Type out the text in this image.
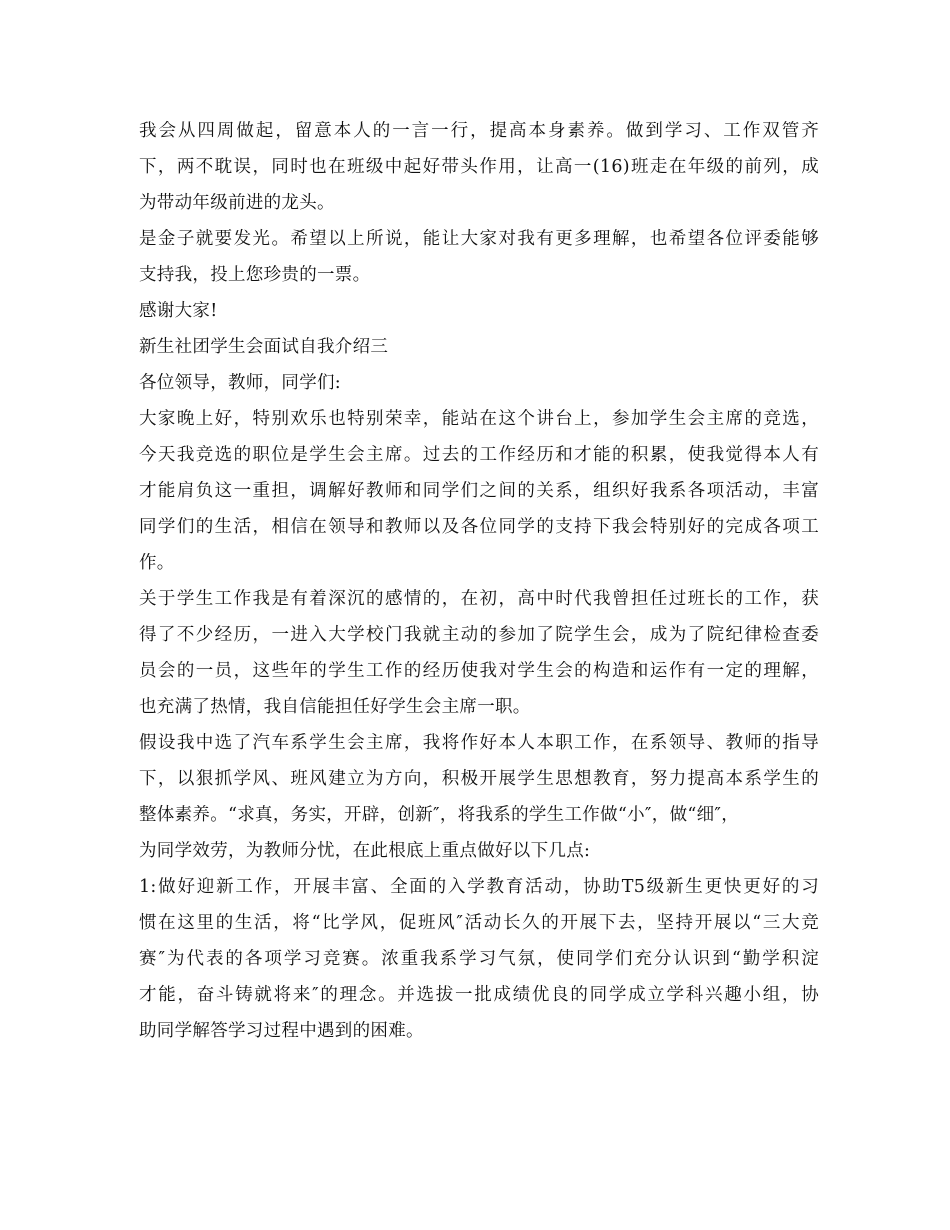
我会从四周做起，留意本人的一言一行，提高本身素养。做到学习、工作双管齐
下，两不耽误，同时也在班级中起好带头作用，让高一(16)班走在年级的前列，成
为带动年级前进的龙头。
是金子就要发光。希望以上所说，能让大家对我有更多理解，也希望各位评委能够
支持我，投上您珍贵的一票。
感谢大家!
新生社团学生会面试自我介绍三
各位领导，教师，同学们:
大家晚上好，特别欢乐也特别荣幸，能站在这个讲台上，参加学生会主席的竞选，
今天我竞选的职位是学生会主席。过去的工作经历和才能的积累，使我觉得本人有
才能肩负这一重担，调解好教师和同学们之间的关系，组织好我系各项活动，丰富
同学们的生活，相信在领导和教师以及各位同学的支持下我会特别好的完成各项工
作。
关于学生工作我是有着深沉的感情的，在初，高中时代我曾担任过班长的工作，获
得了不少经历，一进入大学校门我就主动的参加了院学生会，成为了院纪律检查委
员会的一员，这些年的学生工作的经历使我对学生会的构造和运作有一定的理解，
也充满了热情，我自信能担任好学生会主席一职。
假设我中选了汽车系学生会主席，我将作好本人本职工作，在系领导、教师的指导
下，以狠抓学风、班风建立为方向，积极开展学生思想教育，努力提高本系学生的
整体素养。“求真，务实，开辟，创新″，将我系的学生工作做“小″，做“细″，
为同学效劳，为教师分忧，在此根底上重点做好以下几点:
1:做好迎新工作，开展丰富、全面的入学教育活动，协助T5级新生更快更好的习
惯在这里的生活，将“比学风，促班风″活动长久的开展下去，坚持开展以“三大竞
赛″为代表的各项学习竞赛。浓重我系学习气氛，使同学们充分认识到“勤学积淀
才能，奋斗铸就将来″的理念。并选拔一批成绩优良的同学成立学科兴趣小组，协
助同学解答学习过程中遇到的困难。
